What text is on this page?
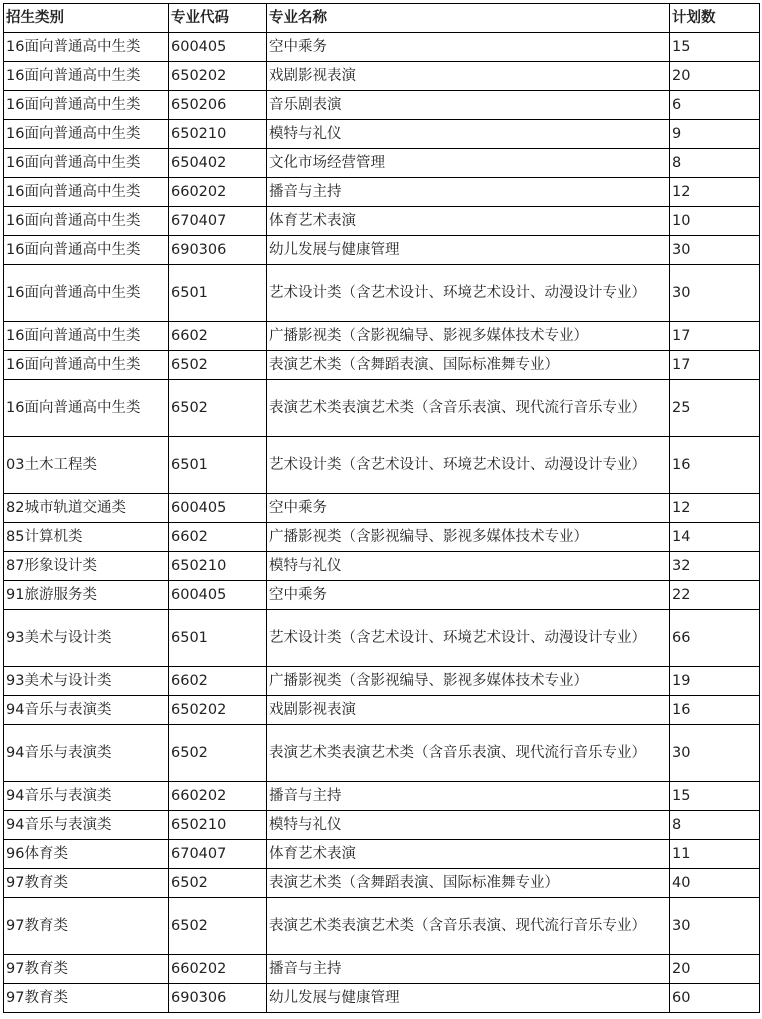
招生类别	专业代码	专业名称	计划数
16面向普通高中生类	600405	空中乘务	15
16面向普通高中生类	650202	戏剧影视表演	20
16面向普通高中生类	650206	音乐剧表演	6
16面向普通高中生类	650210	模特与礼仪	9
16面向普通高中生类	650402	文化市场经营管理	8
16面向普通高中生类	660202	播音与主持	12
16面向普通高中生类	670407	体育艺术表演	10
16面向普通高中生类	690306	幼儿发展与健康管理	30
16面向普通高中生类	6501	艺术设计类（含艺术设计、环境艺术设计、动漫设计专业）	30
16面向普通高中生类	6602	广播影视类（含影视编导、影视多媒体技术专业）	17
16面向普通高中生类	6502	表演艺术类（含舞蹈表演、国际标准舞专业）	17
16面向普通高中生类	6502	表演艺术类表演艺术类（含音乐表演、现代流行音乐专业）	25
03土木工程类	6501	艺术设计类（含艺术设计、环境艺术设计、动漫设计专业）	16
82城市轨道交通类	600405	空中乘务	12
85计算机类	6602	广播影视类（含影视编导、影视多媒体技术专业）	14
87形象设计类	650210	模特与礼仪	32
91旅游服务类	600405	空中乘务	22
93美术与设计类	6501	艺术设计类（含艺术设计、环境艺术设计、动漫设计专业）	66
93美术与设计类	6602	广播影视类（含影视编导、影视多媒体技术专业）	19
94音乐与表演类	650202	戏剧影视表演	16
94音乐与表演类	6502	表演艺术类表演艺术类（含音乐表演、现代流行音乐专业）	30
94音乐与表演类	660202	播音与主持	15
94音乐与表演类	650210	模特与礼仪	8
96体育类	670407	体育艺术表演	11
97教育类	6502	表演艺术类（含舞蹈表演、国际标准舞专业）	40
97教育类	6502	表演艺术类表演艺术类（含音乐表演、现代流行音乐专业）	30
97教育类	660202	播音与主持	20
97教育类	690306	幼儿发展与健康管理	60
